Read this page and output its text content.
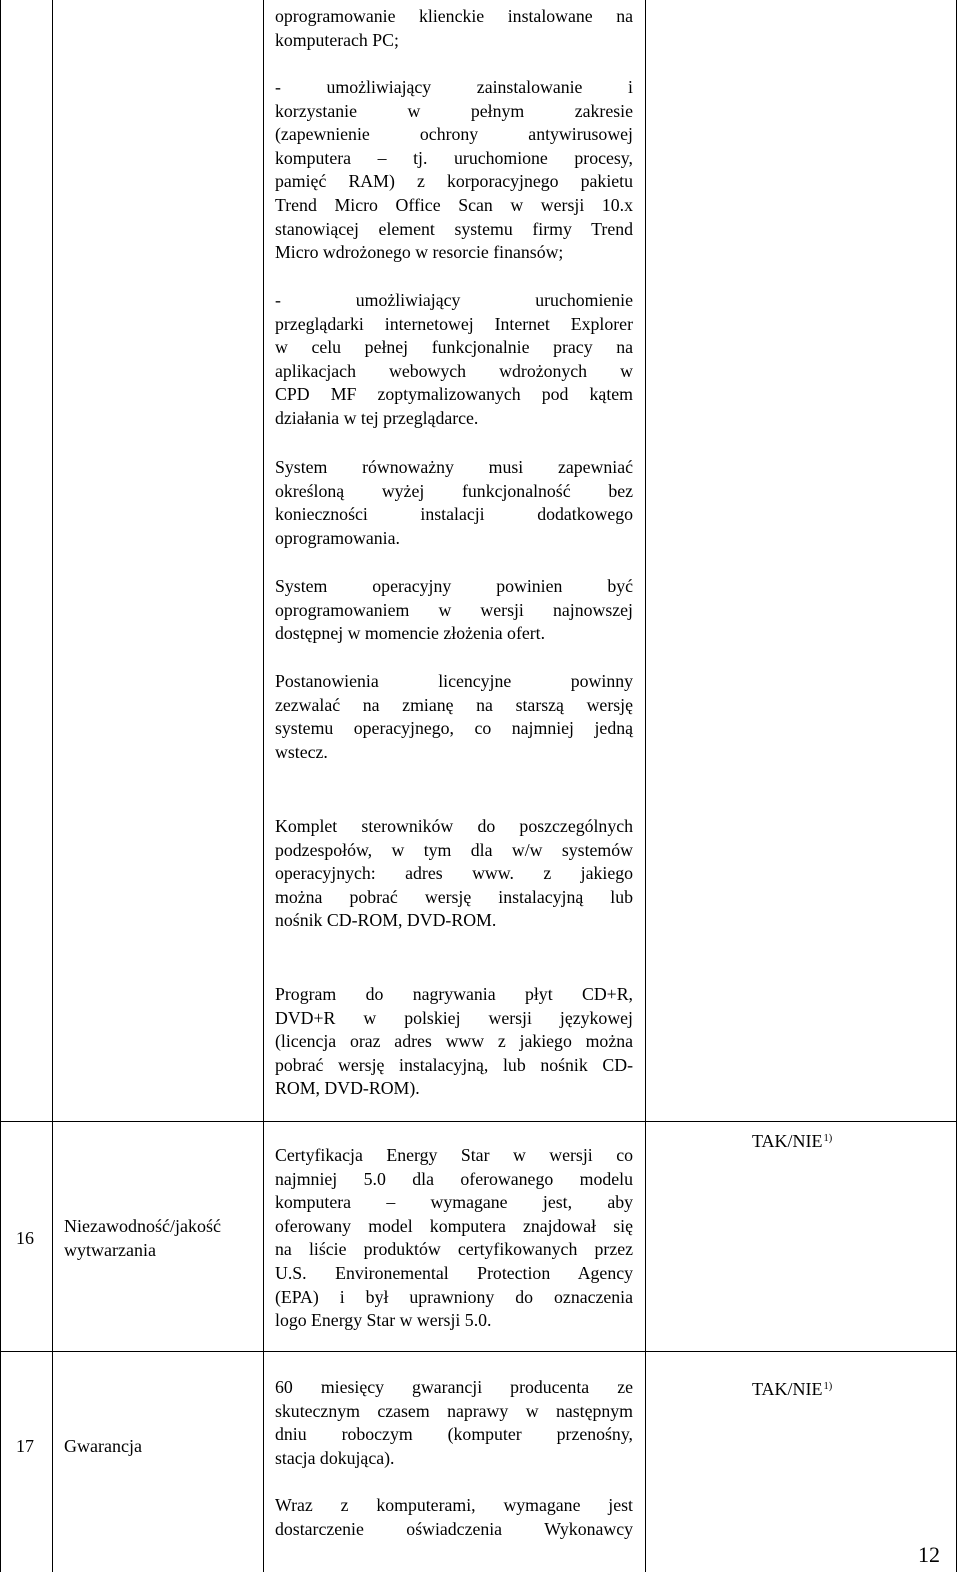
oprogramowanie klienckie instalowane na
komputerach PC;
- umożliwiający zainstalowanie i
korzystanie w pełnym zakresie
(zapewnienie ochrony antywirusowej
komputera – tj. uruchomione procesy,
pamięć RAM) z korporacyjnego pakietu
Trend Micro Office Scan w wersji 10.x
stanowiącej element systemu firmy Trend
Micro wdrożonego w resorcie finansów;
- umożliwiający uruchomienie
przeglądarki internetowej Internet Explorer
w celu pełnej funkcjonalnie pracy na
aplikacjach webowych wdrożonych w
CPD MF zoptymalizowanych pod kątem
działania w tej przeglądarce.
System równoważny musi zapewniać
określoną wyżej funkcjonalność bez
konieczności instalacji dodatkowego
oprogramowania.
System operacyjny powinien być
oprogramowaniem w wersji najnowszej
dostępnej w momencie złożenia ofert.
Postanowienia licencyjne powinny
zezwalać na zmianę na starszą wersję
systemu operacyjnego, co najmniej jedną
wstecz.
Komplet sterowników do poszczególnych
podzespołów, w tym dla w/w systemów
operacyjnych: adres www. z jakiego
można pobrać wersję instalacyjną lub
nośnik CD-ROM, DVD-ROM.
Program do nagrywania płyt CD+R,
DVD+R w polskiej wersji językowej
(licencja oraz adres www z jakiego można
pobrać wersję instalacyjną, lub nośnik CD-
ROM, DVD-ROM).
16
Niezawodność/jakość
wytwarzania
Certyfikacja Energy Star w wersji co
najmniej 5.0 dla oferowanego modelu
komputera – wymagane jest, aby
oferowany model komputera znajdował się
na liście produktów certyfikowanych przez
U.S. Environemental Protection Agency
(EPA) i był uprawniony do oznaczenia
logo Energy Star w wersji 5.0.
TAK/NIE$^{1)}$
17 Gwarancja
60 miesięcy gwarancji producenta ze
skutecznym czasem naprawy w następnym
dniu roboczym (komputer przenośny,
stacja dokująca).
Wraz z komputerami, wymagane jest
dostarczenie oświadczenia Wykonawcy
TAK/NIE$^{1)}$
12
